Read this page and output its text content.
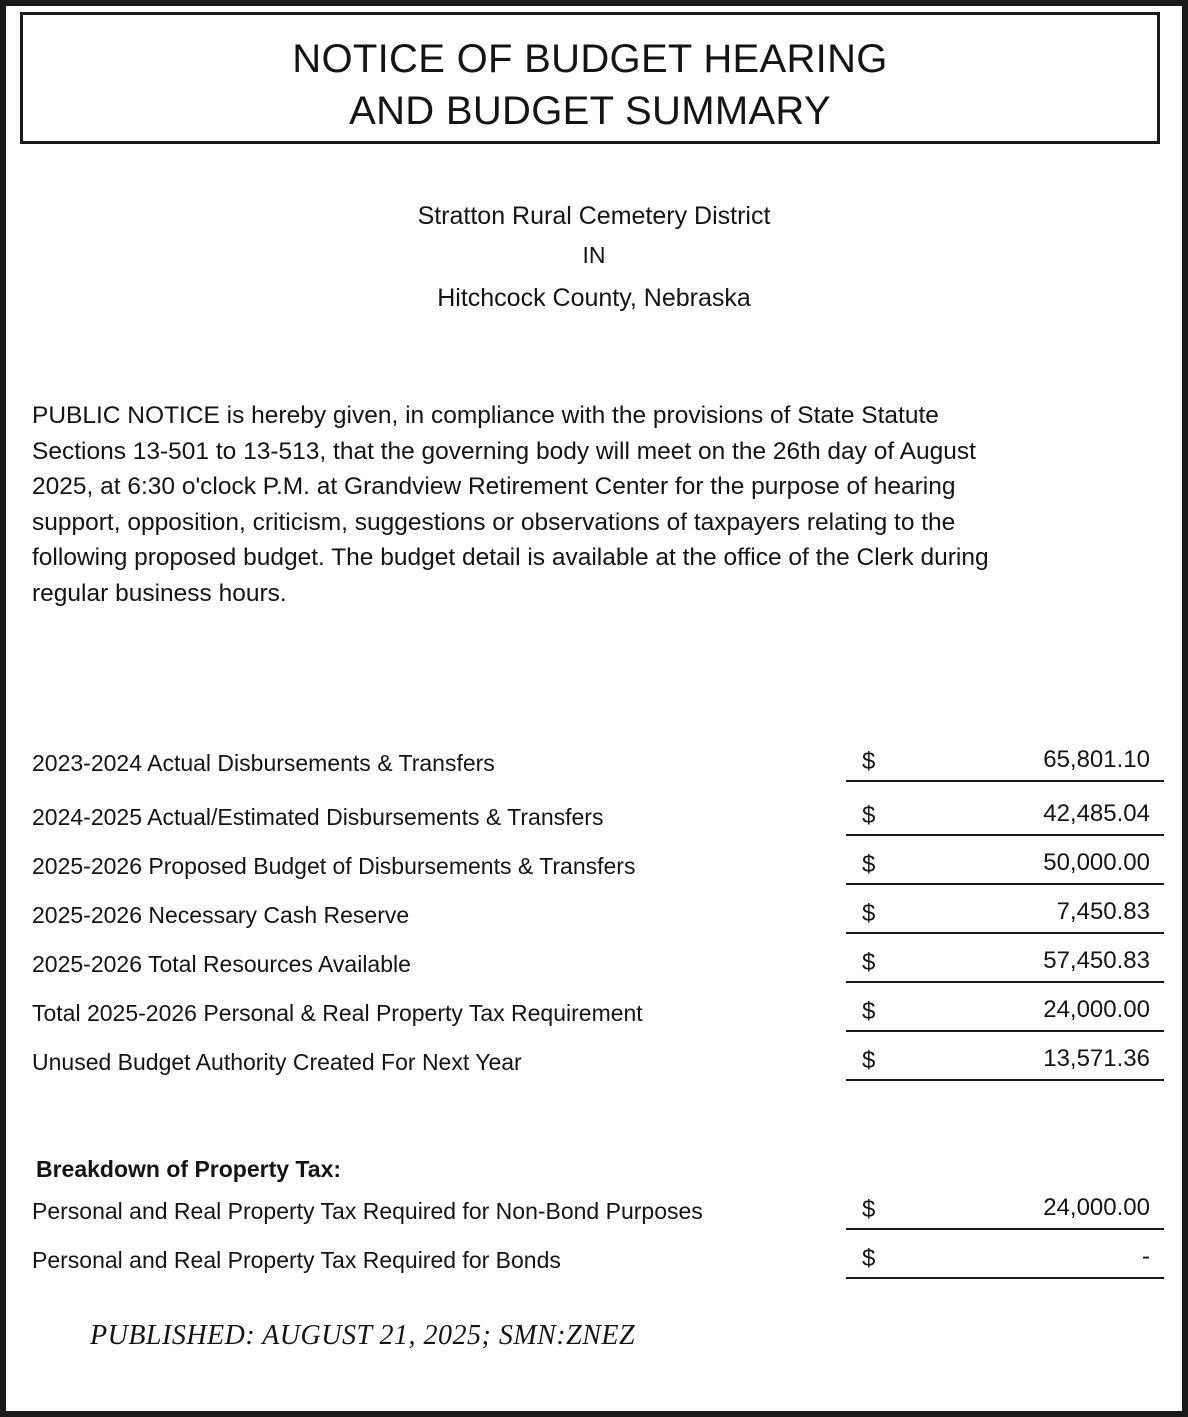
NOTICE OF BUDGET HEARING
AND BUDGET SUMMARY
Stratton Rural Cemetery District
IN
Hitchcock County, Nebraska
PUBLIC NOTICE is hereby given, in compliance with the provisions of State Statute
Sections 13-501 to 13-513, that the governing body will meet on the 26th day of August
2025, at 6:30 o'clock P.M. at Grandview Retirement Center for the purpose of hearing
support, opposition, criticism, suggestions or observations of taxpayers relating to the
following proposed budget. The budget detail is available at the office of the Clerk during
regular business hours.
2023-2024 Actual Disbursements & Transfers	$	65,801.10
2024-2025 Actual/Estimated Disbursements & Transfers	$	42,485.04
2025-2026 Proposed Budget of Disbursements & Transfers	$	50,000.00
2025-2026 Necessary Cash Reserve	$	7,450.83
2025-2026 Total Resources Available	$	57,450.83
Total 2025-2026 Personal & Real Property Tax Requirement	$	24,000.00
Unused Budget Authority Created For Next Year	$	13,571.36
Breakdown of Property Tax:
Personal and Real Property Tax Required for Non-Bond Purposes	$	24,000.00
Personal and Real Property Tax Required for Bonds	$	-
PUBLISHED: AUGUST 21, 2025; SMN:ZNEZ
